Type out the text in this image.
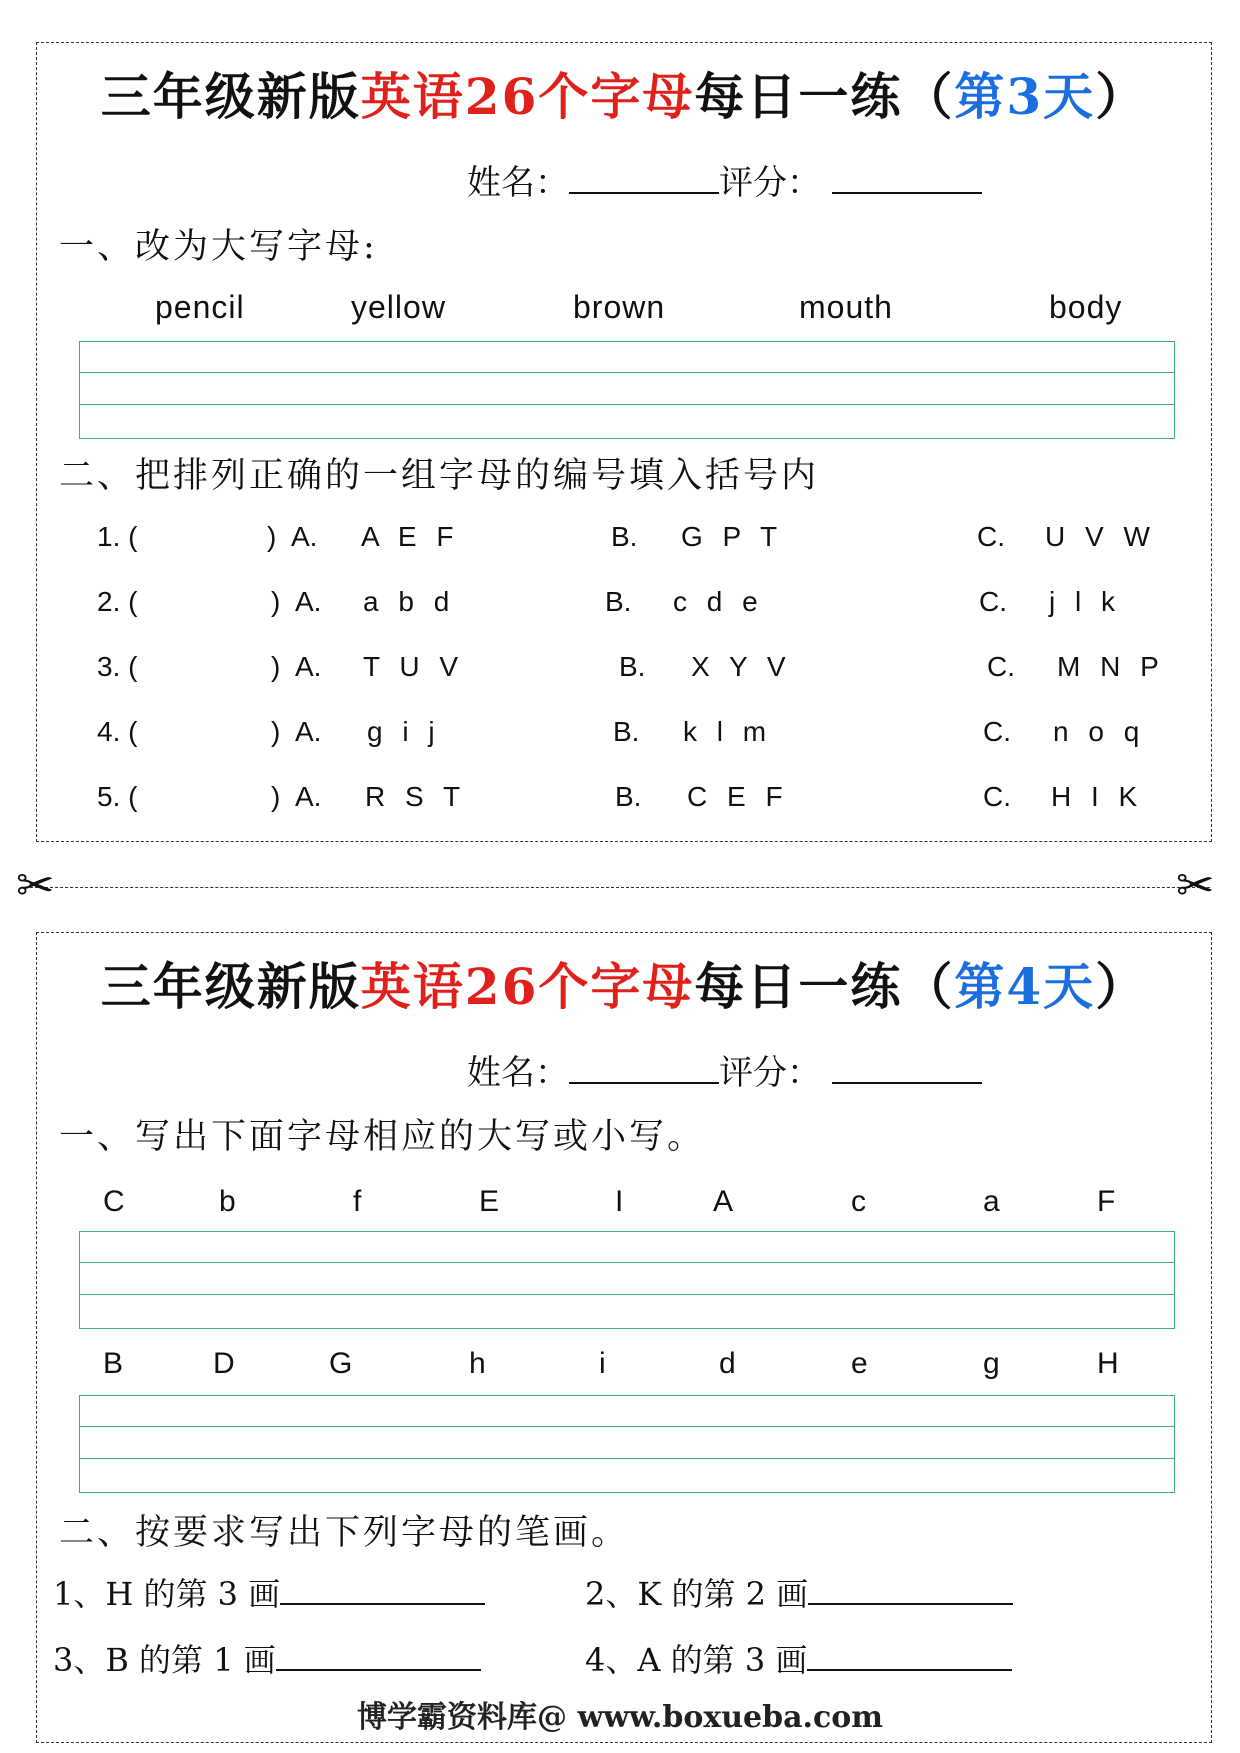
三年级新版英语26个字母每日一练（第3天）
姓名：	评分：
一、改为大写字母:
pencil	yellow	brown	mouth	body
二、把排列正确的一组字母的编号填入括号内
1. (	) A. A E F	B. G P T	C. U V W
2. (	) A. a b d	B. c d e	C. j l k
3. (	) A. T U V	B. X Y V	C. M N P
4. (	) A. g i j	B. k l m	C. n o q
5. (	) A. R S T	B. C E F	C. H I K
✂	✂
三年级新版英语26个字母每日一练（第4天）
姓名：	评分：
一、写出下面字母相应的大写或小写。
C	b	f	E	I	A	c	a	F
B	D	G	h	i	d	e	g	H
二、按要求写出下列字母的笔画。
1、H 的第 3 画	2、K 的第 2 画
3、B 的第 1 画	4、A 的第 3 画
博学霸资料库@ www.boxueba.com
